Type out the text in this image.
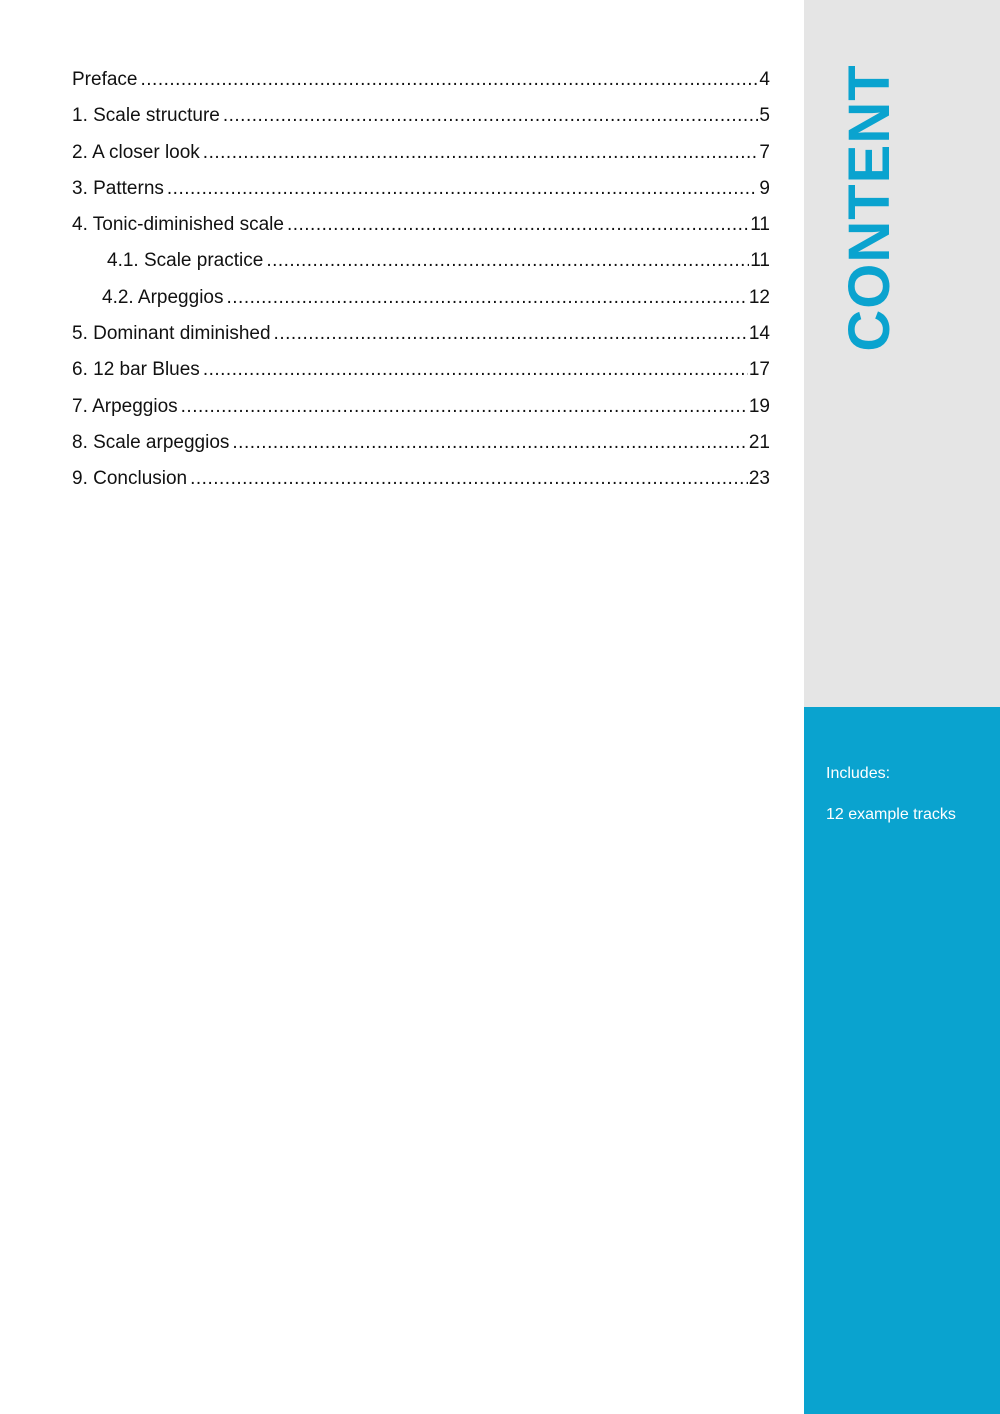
Preface .....	4
1. Scale structure .....	5
2. A closer look .....	7
3. Patterns .....	9
4. Tonic-diminished scale .....	11
4.1. Scale practice .....	11
4.2. Arpeggios .....	12
5. Dominant diminished .....	14
6. 12 bar Blues .....	17
7. Arpeggios .....	19
8. Scale arpeggios .....	21
9. Conclusion .....	23
CONTENT
Includes:
12 example tracks
